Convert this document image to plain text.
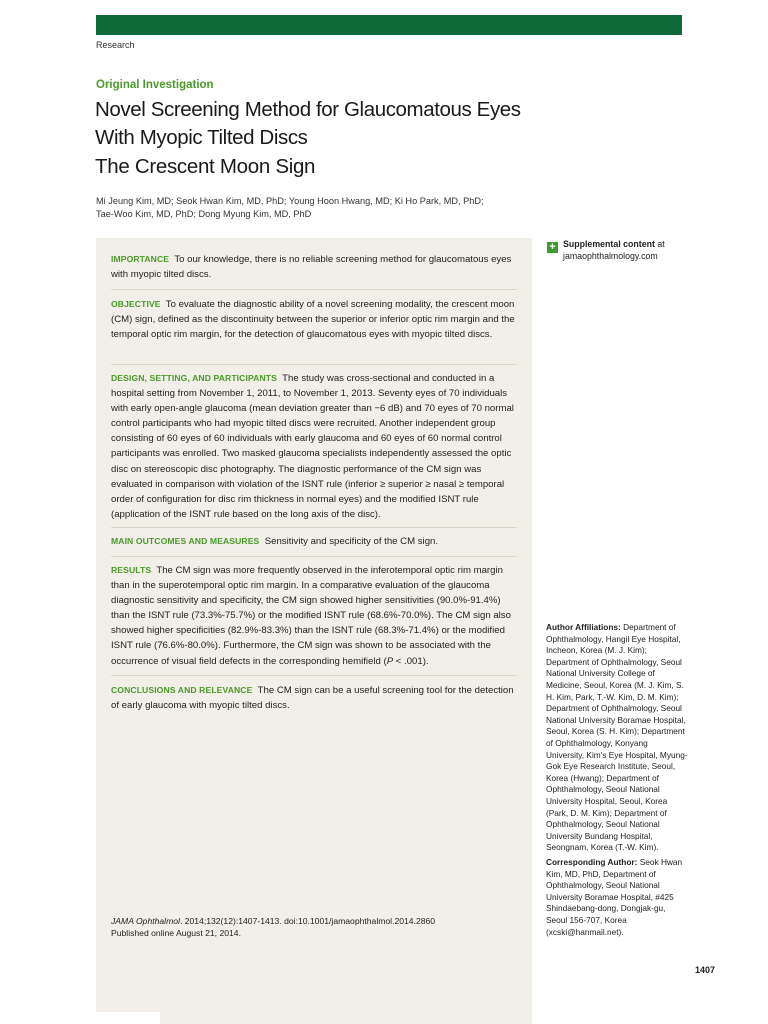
Research
Original Investigation
Novel Screening Method for Glaucomatous Eyes
With Myopic Tilted Discs
The Crescent Moon Sign
Mi Jeung Kim, MD; Seok Hwan Kim, MD, PhD; Young Hoon Hwang, MD; Ki Ho Park, MD, PhD;
Tae-Woo Kim, MD, PhD; Dong Myung Kim, MD, PhD

IMPORTANCE To our knowledge, there is no reliable screening method for glaucomatous eyes with myopic tilted discs.

OBJECTIVE To evaluate the diagnostic ability of a novel screening modality, the crescent moon (CM) sign, defined as the discontinuity between the superior or inferior optic rim margin and the temporal optic rim margin, for the detection of glaucomatous eyes with myopic tilted discs.

DESIGN, SETTING, AND PARTICIPANTS The study was cross-sectional and conducted in a hospital setting from November 1, 2011, to November 1, 2013. Seventy eyes of 70 individuals with early open-angle glaucoma (mean deviation greater than −6 dB) and 70 eyes of 70 normal control participants who had myopic tilted discs were recruited. Another independent group consisting of 60 eyes of 60 individuals with early glaucoma and 60 eyes of 60 normal control participants was enrolled. Two masked glaucoma specialists independently assessed the optic disc on stereoscopic disc photography. The diagnostic performance of the CM sign was evaluated in comparison with violation of the ISNT rule (inferior ≥ superior ≥ nasal ≥ temporal order of configuration for disc rim thickness in normal eyes) and the modified ISNT rule (application of the ISNT rule based on the long axis of the disc).

MAIN OUTCOMES AND MEASURES Sensitivity and specificity of the CM sign.

RESULTS The CM sign was more frequently observed in the inferotemporal optic rim margin than in the superotemporal optic rim margin. In a comparative evaluation of the glaucoma diagnostic sensitivity and specificity, the CM sign showed higher sensitivities (90.0%-91.4%) than the ISNT rule (73.3%-75.7%) or the modified ISNT rule (68.6%-70.0%). The CM sign also showed higher specificities (82.9%-83.3%) than the ISNT rule (68.3%-71.4%) or the modified ISNT rule (76.6%-80.0%). Furthermore, the CM sign was shown to be associated with the occurrence of visual field defects in the corresponding hemifield (P < .001).

CONCLUSIONS AND RELEVANCE The CM sign can be a useful screening tool for the detection of early glaucoma with myopic tilted discs.

JAMA Ophthalmol. 2014;132(12):1407-1413. doi:10.1001/jamaophthalmol.2014.2860
Published online August 21, 2014.
+ Supplemental content at
jamaophthalmology.com
Author Affiliations: Department of Ophthalmology, Hangil Eye Hospital, Incheon, Korea (M. J. Kim); Department of Ophthalmology, Seoul National University College of Medicine, Seoul, Korea (M. J. Kim, S. H. Kim, Park, T.-W. Kim, D. M. Kim); Department of Ophthalmology, Seoul National University Boramae Hospital, Seoul, Korea (S. H. Kim); Department of Ophthalmology, Konyang University, Kim's Eye Hospital, Myung-Gok Eye Research Institute, Seoul, Korea (Hwang); Department of Ophthalmology, Seoul National University Hospital, Seoul, Korea (Park, D. M. Kim); Department of Ophthalmology, Seoul National University Bundang Hospital, Seongnam, Korea (T.-W. Kim).
Corresponding Author: Seok Hwan Kim, MD, PhD, Department of Ophthalmology, Seoul National University Boramae Hospital, #425 Shindaebang-dong, Dongjak-gu, Seoul 156-707, Korea (xcski@hanmail.net).
1407
